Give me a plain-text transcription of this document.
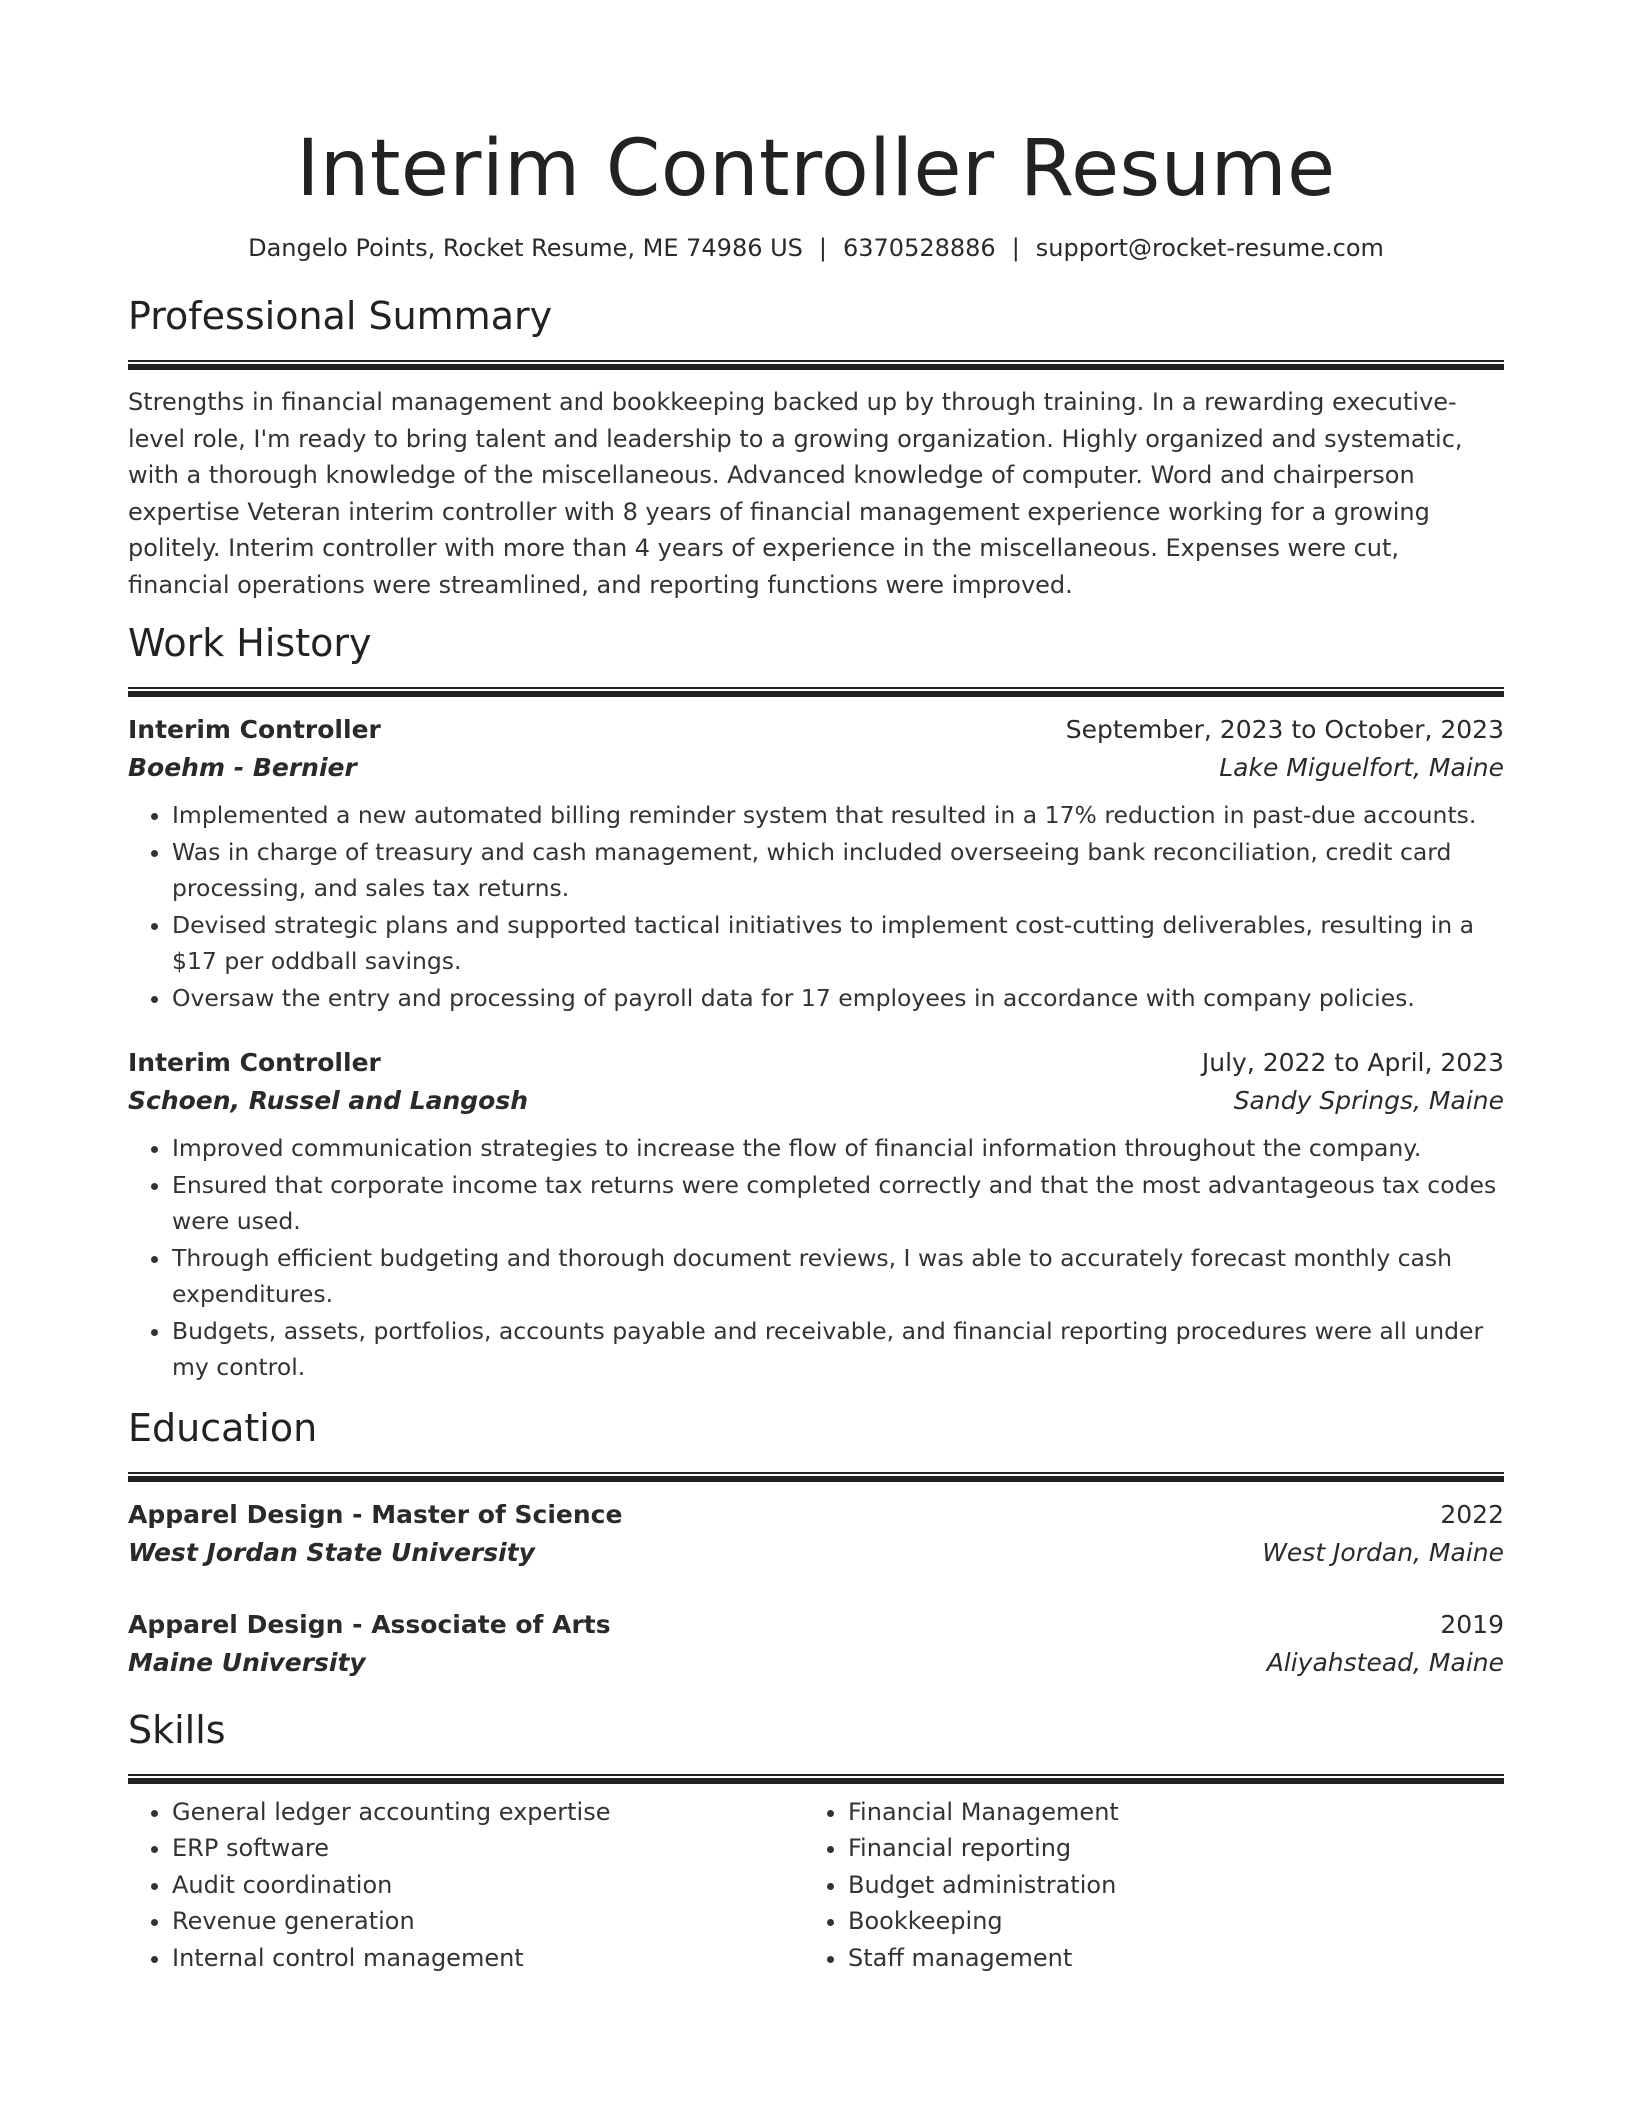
Interim Controller Resume
Dangelo Points, Rocket Resume, ME 74986 US | 6370528886 | support@rocket-resume.com
Professional Summary

Strengths in financial management and bookkeeping backed up by through training. In a rewarding executive-level role, I'm ready to bring talent and leadership to a growing organization. Highly organized and systematic, with a thorough knowledge of the miscellaneous. Advanced knowledge of computer. Word and chairperson expertise Veteran interim controller with 8 years of financial management experience working for a growing politely. Interim controller with more than 4 years of experience in the miscellaneous. Expenses were cut, financial operations were streamlined, and reporting functions were improved.

Work History
Interim Controller	September, 2023 to October, 2023
Boehm - Bernier	Lake Miguelfort, Maine
• Implemented a new automated billing reminder system that resulted in a 17% reduction in past-due accounts.
• Was in charge of treasury and cash management, which included overseeing bank reconciliation, credit card processing, and sales tax returns.
• Devised strategic plans and supported tactical initiatives to implement cost-cutting deliverables, resulting in a $17 per oddball savings.
• Oversaw the entry and processing of payroll data for 17 employees in accordance with company policies.
Interim Controller	July, 2022 to April, 2023
Schoen, Russel and Langosh	Sandy Springs, Maine
• Improved communication strategies to increase the flow of financial information throughout the company.
• Ensured that corporate income tax returns were completed correctly and that the most advantageous tax codes were used.
• Through efficient budgeting and thorough document reviews, I was able to accurately forecast monthly cash expenditures.
• Budgets, assets, portfolios, accounts payable and receivable, and financial reporting procedures were all under my control.
Education
Apparel Design - Master of Science	2022
West Jordan State University	West Jordan, Maine
Apparel Design - Associate of Arts	2019
Maine University	Aliyahstead, Maine
Skills
• General ledger accounting expertise
• ERP software
• Audit coordination
• Revenue generation
• Internal control management
• Financial Management
• Financial reporting
• Budget administration
• Bookkeeping
• Staff management
